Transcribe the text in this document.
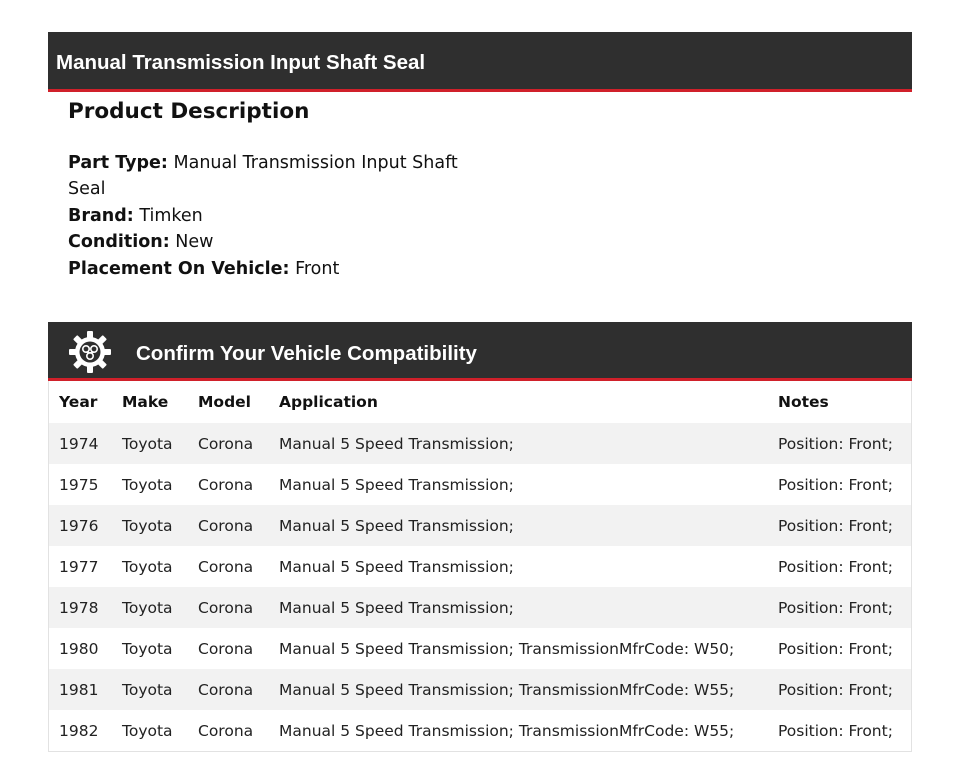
Manual Transmission Input Shaft Seal
Product Description
Part Type: Manual Transmission Input Shaft Seal
Brand: Timken
Condition: New
Placement On Vehicle: Front
Confirm Your Vehicle Compatibility
Year	Make	Model	Application	Notes
1974	Toyota	Corona	Manual 5 Speed Transmission;	Position: Front;
1975	Toyota	Corona	Manual 5 Speed Transmission;	Position: Front;
1976	Toyota	Corona	Manual 5 Speed Transmission;	Position: Front;
1977	Toyota	Corona	Manual 5 Speed Transmission;	Position: Front;
1978	Toyota	Corona	Manual 5 Speed Transmission;	Position: Front;
1980	Toyota	Corona	Manual 5 Speed Transmission; TransmissionMfrCode: W50;	Position: Front;
1981	Toyota	Corona	Manual 5 Speed Transmission; TransmissionMfrCode: W55;	Position: Front;
1982	Toyota	Corona	Manual 5 Speed Transmission; TransmissionMfrCode: W55;	Position: Front;
